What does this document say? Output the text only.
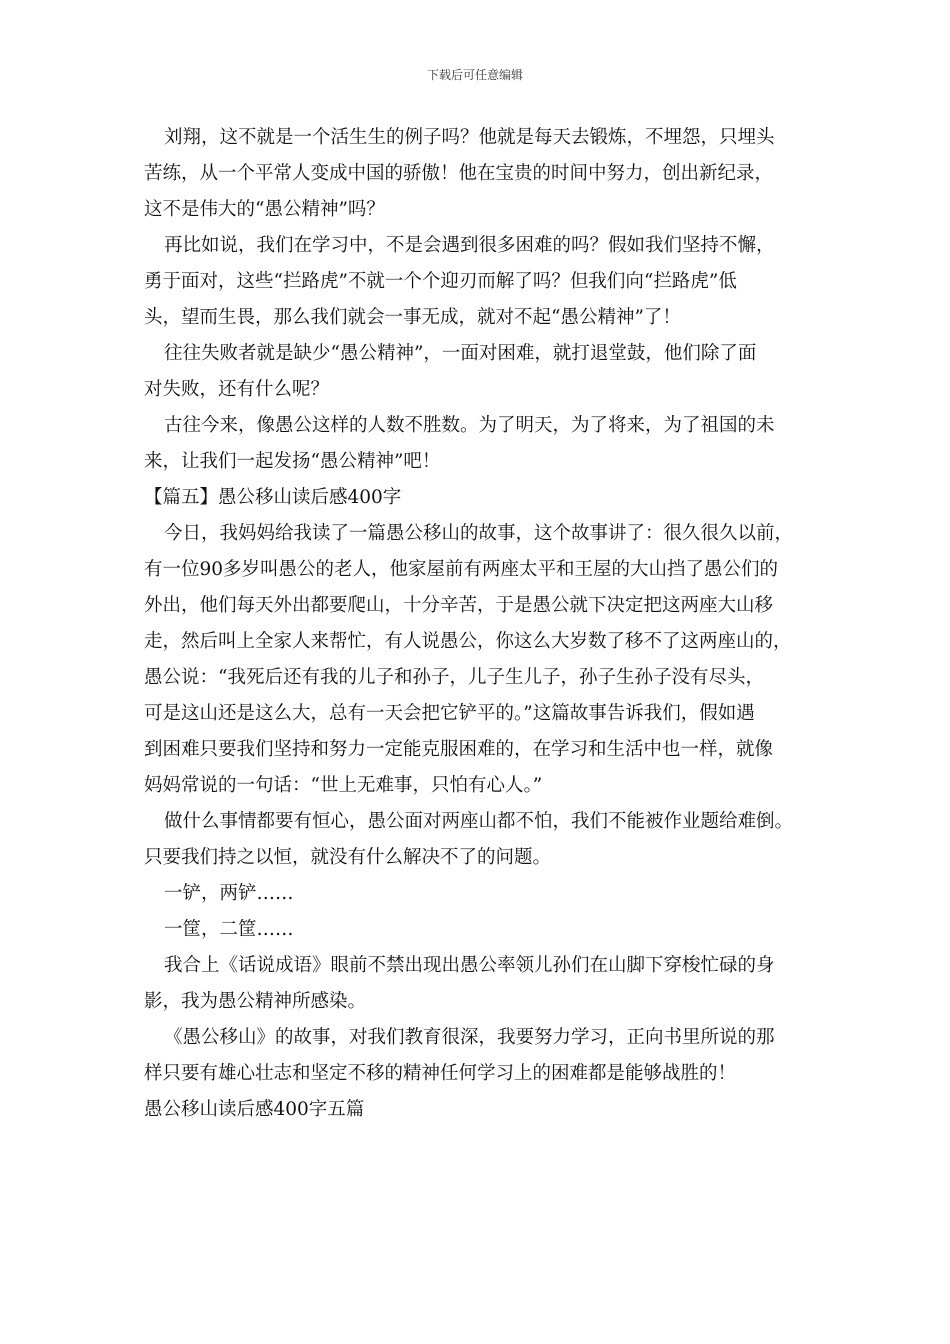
下载后可任意编辑
刘翔，这不就是一个活生生的例子吗？他就是每天去锻炼，不埋怨，只埋头
苦练，从一个平常人变成中国的骄傲！他在宝贵的时间中努力，创出新纪录，
这不是伟大的“愚公精神”吗？
再比如说，我们在学习中，不是会遇到很多困难的吗？假如我们坚持不懈，
勇于面对，这些“拦路虎”不就一个个迎刃而解了吗？但我们向“拦路虎”低
头，望而生畏，那么我们就会一事无成，就对不起“愚公精神”了！
往往失败者就是缺少“愚公精神”，一面对困难，就打退堂鼓，他们除了面
对失败，还有什么呢？
古往今来，像愚公这样的人数不胜数。为了明天，为了将来，为了祖国的未
来，让我们一起发扬“愚公精神”吧！
【篇五】愚公移山读后感400字
今日，我妈妈给我读了一篇愚公移山的故事，这个故事讲了：很久很久以前，
有一位90多岁叫愚公的老人，他家屋前有两座太平和王屋的大山挡了愚公们的
外出，他们每天外出都要爬山，十分辛苦，于是愚公就下决定把这两座大山移
走，然后叫上全家人来帮忙，有人说愚公，你这么大岁数了移不了这两座山的，
愚公说：“我死后还有我的儿子和孙子，儿子生儿子，孙子生孙子没有尽头，
可是这山还是这么大，总有一天会把它铲平的。”这篇故事告诉我们，假如遇
到困难只要我们坚持和努力一定能克服困难的，在学习和生活中也一样，就像
妈妈常说的一句话：“世上无难事，只怕有心人。”
做什么事情都要有恒心，愚公面对两座山都不怕，我们不能被作业题给难倒。
只要我们持之以恒，就没有什么解决不了的问题。
一铲，两铲……
一筐，二筐……
我合上《话说成语》眼前不禁出现出愚公率领儿孙们在山脚下穿梭忙碌的身
影，我为愚公精神所感染。
《愚公移山》的故事，对我们教育很深，我要努力学习，正向书里所说的那
样只要有雄心壮志和坚定不移的精神任何学习上的困难都是能够战胜的！
愚公移山读后感400字五篇
